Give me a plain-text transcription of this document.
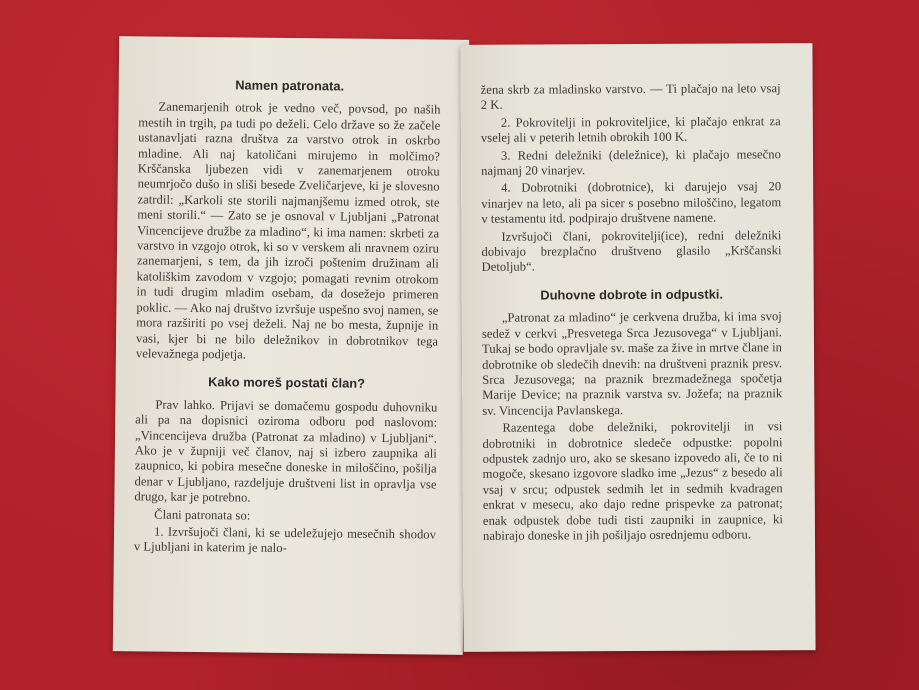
Namen patronata.

Zanemarjenih otrok je vedno več, povsod, po naših mestih in trgih, pa tudi po deželi. Celo države so že začele ustanavljati razna društva za varstvo otrok in oskrbo mladine. Ali naj katoličani mirujemo in molčimo? Krščanska ljubezen vidi v zanemarjenem otroku neumrjočo dušo in sliši besede Zveličarjeve, ki je slovesno zatrdil: „Karkoli ste storili najmanjšemu izmed otrok, ste meni storili.“ — Zato se je osnoval v Ljubljani „Patronat Vincencijeve družbe za mladino“, ki ima namen: skrbeti za varstvo in vzgojo otrok, ki so v verskem ali nravnem oziru zanemarjeni, s tem, da jih izroči poštenim družinam ali katoliškim zavodom v vzgojo; pomagati revnim otrokom in tudi drugim mladim osebam, da dosežejo primeren poklic. — Ako naj društvo izvršuje uspešno svoj namen, se mora razširiti po vsej deželi. Naj ne bo mesta, župnije in vasi, kjer bi ne bilo deležnikov in dobrotnikov tega velevažnega podjetja.

Kako moreš postati član?

Prav lahko. Prijavi se domačemu gospodu duhovniku ali pa na dopisnici oziroma odboru pod naslovom: „Vincencijeva družba (Patronat za mladino) v Ljubljani“. Ako je v župniji več članov, naj si izbero zaupnika ali zaupnico, ki pobira mesečne doneske in miloščino, pošilja denar v Ljubljano, razdeljuje društveni list in opravlja vse drugo, kar je potrebno.

Člani patronata so:

1. Izvršujoči člani, ki se udeležujejo mesečnih shodov v Ljubljani in katerim je nalo-

žena skrb za mladinsko varstvo. — Ti plačajo na leto vsaj 2 K.

2. Pokrovitelji in pokroviteljice, ki plačajo enkrat za vselej ali v peterih letnih obrokih 100 K.

3. Redni deležniki (deležnice), ki plačajo mesečno najmanj 20 vinarjev.

4. Dobrotniki (dobrotnice), ki darujejo vsaj 20 vinarjev na leto, ali pa sicer s posebno miloščino, legatom v testamentu itd. podpirajo društvene namene.

Izvršujoči člani, pokrovitelji(ice), redni deležniki dobivajo brezplačno društveno glasilo „Krščanski Detoljub“.

Duhovne dobrote in odpustki.

„Patronat za mladino“ je cerkvena družba, ki ima svoj sedež v cerkvi „Presvetega Srca Jezusovega“ v Ljubljani. Tukaj se bodo opravljale sv. maše za žive in mrtve člane in dobrotnike ob sledečih dnevih: na društveni praznik presv. Srca Jezusovega; na praznik brezmadežnega spočetja Marije Device; na praznik varstva sv. Jožefa; na praznik sv. Vincencija Pavlanskega.

Razentega dobe deležniki, pokrovitelji in vsi dobrotniki in dobrotnice sledeče odpustke: popolni odpustek zadnjo uro, ako se skesano izpovedo ali, če to ni mogoče, skesano izgovore sladko ime „Jezus“ z besedo ali vsaj v srcu; odpustek sedmih let in sedmih kvadragen enkrat v mesecu, ako dajo redne prispevke za patronat; enak odpustek dobe tudi tisti zaupniki in zaupnice, ki nabirajo doneske in jih pošiljajo osrednjemu odboru.
